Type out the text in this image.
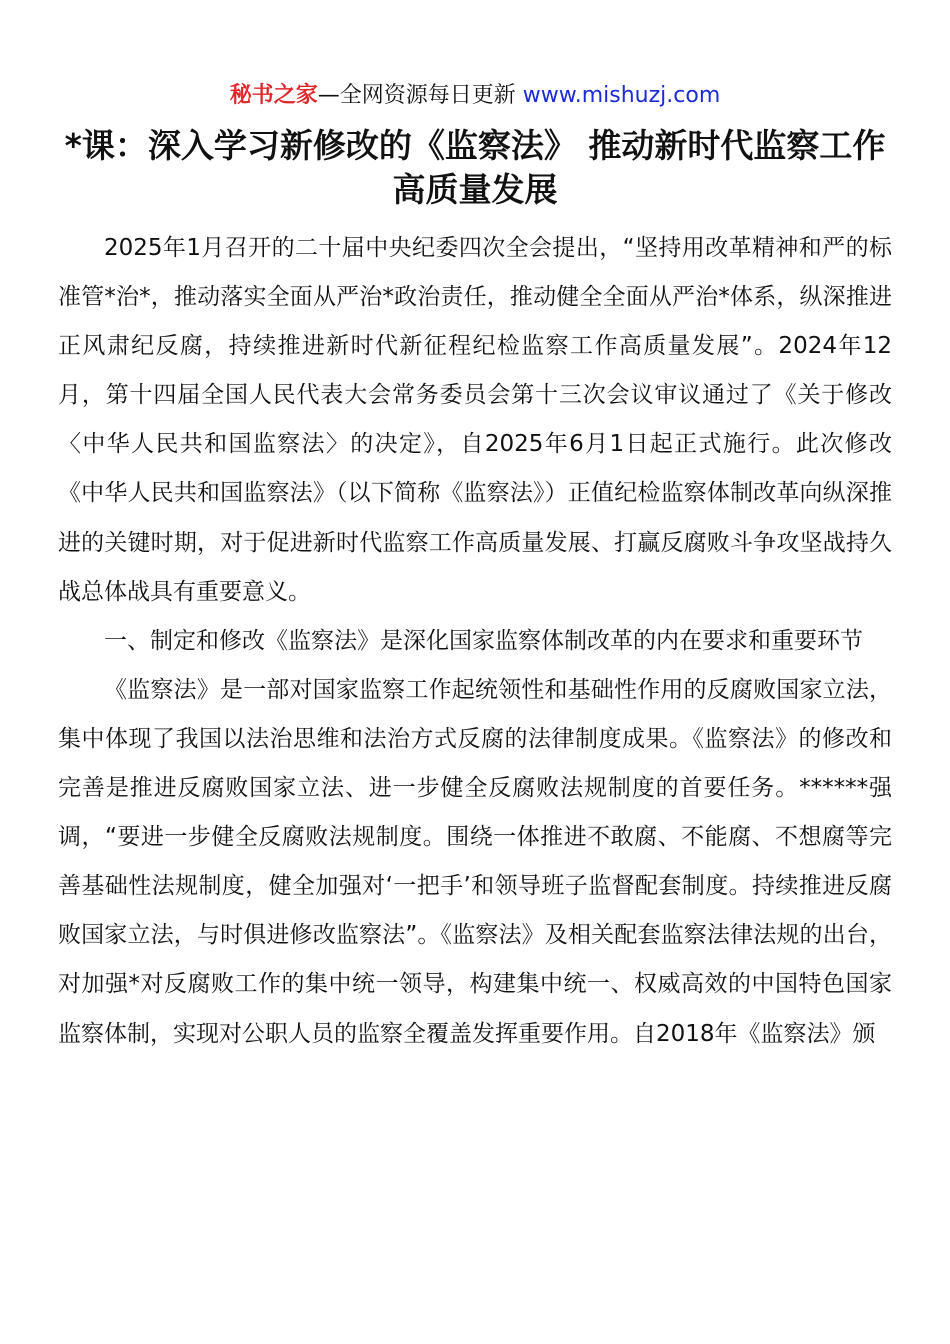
秘书之家—全网资源每日更新 www.mishuzj.com
*课：深入学习新修改的《监察法》 推动新时代监察工作高质量发展

2025年1月召开的二十届中央纪委四次全会提出，“坚持用改革精神和严的标准管*治*，推动落实全面从严治*政治责任，推动健全全面从严治*体系，纵深推进正风肃纪反腐，持续推进新时代新征程纪检监察工作高质量发展”。2024年12月，第十四届全国人民代表大会常务委员会第十三次会议审议通过了《关于修改〈中华人民共和国监察法〉的决定》，自2025年6月1日起正式施行。此次修改《中华人民共和国监察法》（以下简称《监察法》）正值纪检监察体制改革向纵深推进的关键时期，对于促进新时代监察工作高质量发展、打赢反腐败斗争攻坚战持久战总体战具有重要意义。

一、制定和修改《监察法》是深化国家监察体制改革的内在要求和重要环节

《监察法》是一部对国家监察工作起统领性和基础性作用的反腐败国家立法，集中体现了我国以法治思维和法治方式反腐的法律制度成果。《监察法》的修改和完善是推进反腐败国家立法、进一步健全反腐败法规制度的首要任务。******强调，“要进一步健全反腐败法规制度。围绕一体推进不敢腐、不能腐、不想腐等完善基础性法规制度，健全加强对‘一把手’和领导班子监督配套制度。持续推进反腐败国家立法，与时俱进修改监察法”。《监察法》及相关配套监察法律法规的出台，对加强*对反腐败工作的集中统一领导，构建集中统一、权威高效的中国特色国家监察体制，实现对公职人员的监察全覆盖发挥重要作用。自2018年《监察法》颁
